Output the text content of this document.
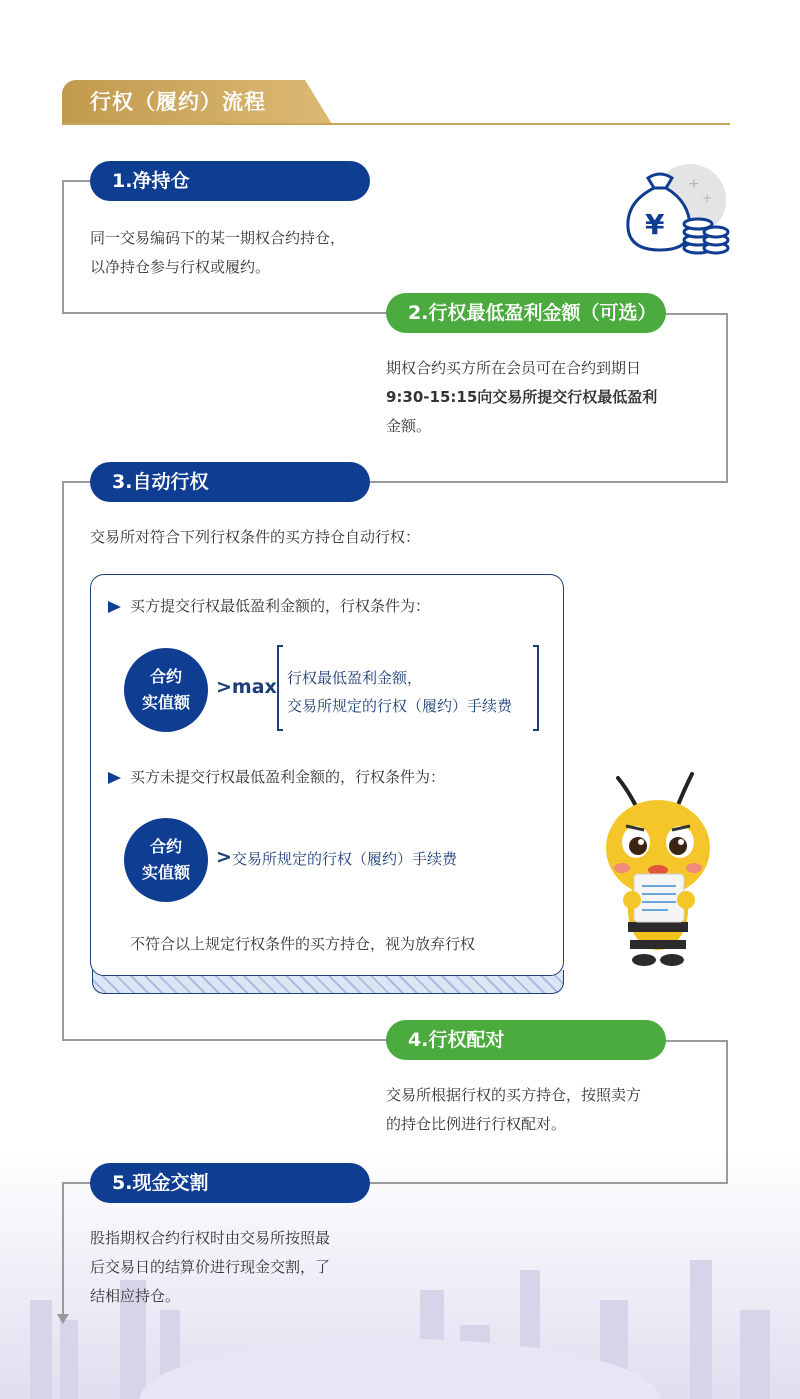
行权（履约）流程
1.净持仓
同一交易编码下的某一期权合约持仓，
以净持仓参与行权或履约。
+
+
¥
2.行权最低盈利金额（可选）
期权合约买方所在会员可在合约到期日
9:30-15:15向交易所提交行权最低盈利
金额。
3.自动行权
交易所对符合下列行权条件的买方持仓自动行权：
买方提交行权最低盈利金额的，行权条件为：
合约
实值额
>max 行权最低盈利金额，
交易所规定的行权（履约）手续费
买方未提交行权最低盈利金额的，行权条件为：
合约
实值额
> 交易所规定的行权（履约）手续费
不符合以上规定行权条件的买方持仓，视为放弃行权
4.行权配对
交易所根据行权的买方持仓，按照卖方
的持仓比例进行行权配对。
5.现金交割
股指期权合约行权时由交易所按照最
后交易日的结算价进行现金交割，了
结相应持仓。
